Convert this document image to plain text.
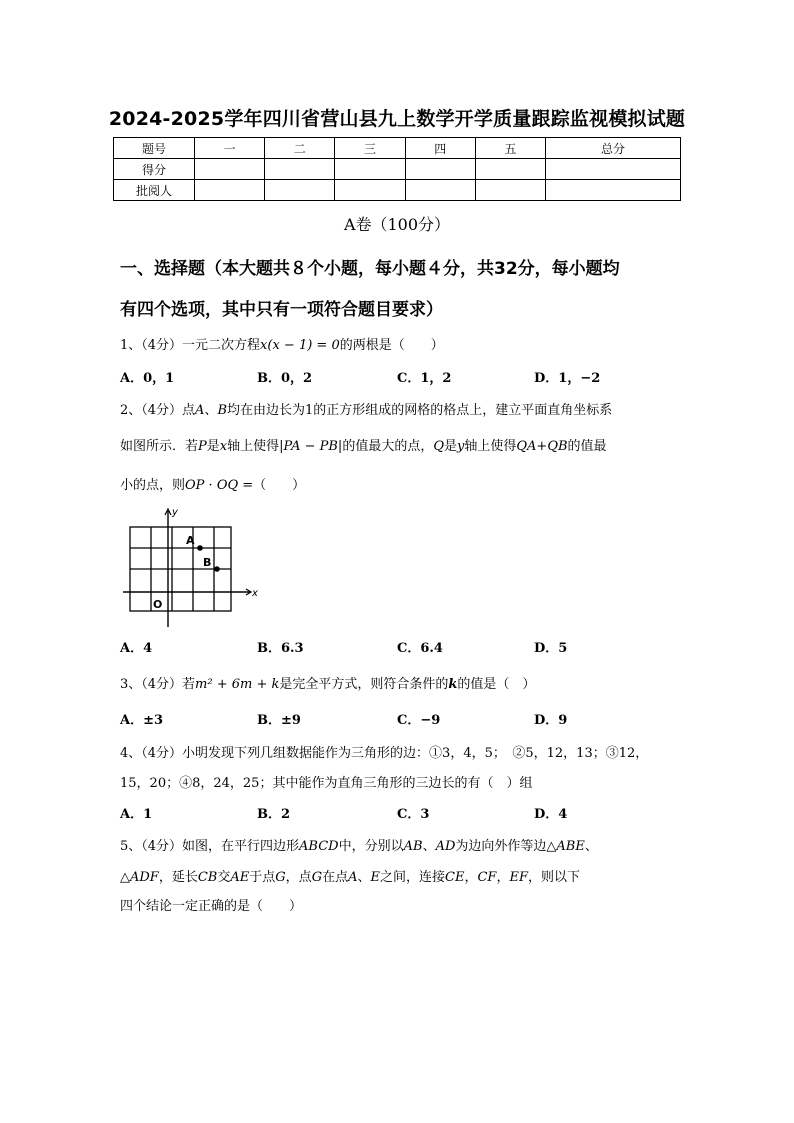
2024-2025学年四川省营山县九上数学开学质量跟踪监视模拟试题
题号	一	二	三	四	五	总分
得分						
批阅人						
A卷（100分）
一、选择题（本大题共８个小题，每小题４分，共32分，每小题均
有四个选项，其中只有一项符合题目要求）
1、（4分）一元二次方程x(x − 1) = 0的两根是（　　）
A．0，1	B．0，2	C．1，2	D．1，−2
2、（4分）点A、B均在由边长为1的正方形组成的网格的格点上，建立平面直角坐标系
如图所示．若P是x轴上使得|PA − PB|的值最大的点，Q是y轴上使得QA+QB的值最
小的点，则OP · OQ =（　　）
y
x
A
B
O
A．4	B．6.3	C．6.4	D．5
3、（4分）若m² + 6m + k是完全平方式，则符合条件的k的值是（　）
A．±3	B．±9	C．−9	D．9
4、（4分）小明发现下列几组数据能作为三角形的边：①3，4，5；　②5，12，13；③12，
15，20；④8，24，25；其中能作为直角三角形的三边长的有（　）组
A．1	B．2	C．3	D．4
5、（4分）如图，在平行四边形ABCD中，分别以AB、AD为边向外作等边△ABE、
△ADF，延长CB交AE于点G，点G在点A、E之间，连接CE，CF，EF，则以下
四个结论一定正确的是（　　）
